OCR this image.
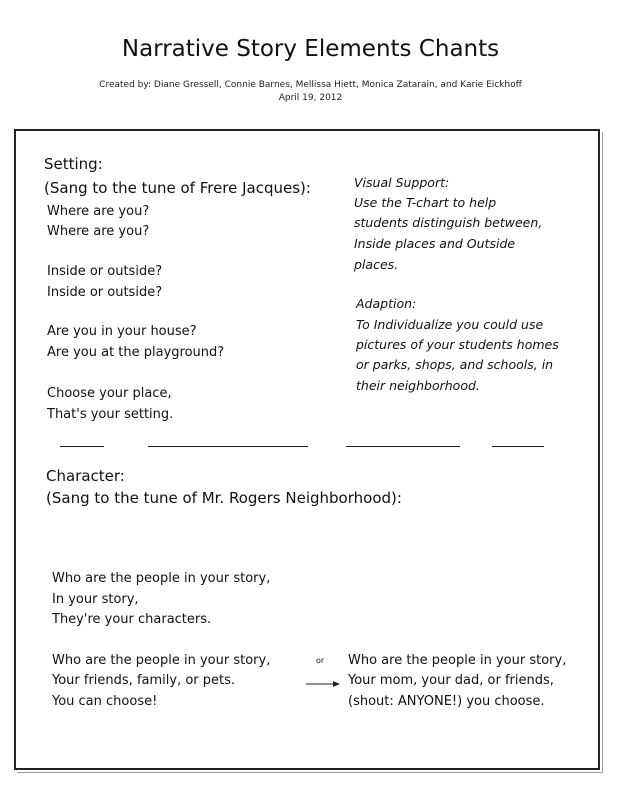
Narrative Story Elements Chants
Created by: Diane Gressell, Connie Barnes, Mellissa Hiett, Monica Zatarain, and Karie Eickhoff
April 19, 2012
Setting:
(Sang to the tune of Frere Jacques):
Where are you?
Where are you?
Inside or outside?
Inside or outside?
Are you in your house?
Are you at the playground?
Choose your place,
That's your setting.
Visual Support:
Use the T-chart to help
students distinguish between,
Inside places and Outside
places.
Adaption:
To Individualize you could use
pictures of your students homes
or parks, shops, and schools, in
their neighborhood.
Character:
(Sang to the tune of Mr. Rogers Neighborhood):
Who are the people in your story,
In your story,
They're your characters.
Who are the people in your story,
Your friends, family, or pets.
You can choose!
or Who are the people in your story,
Your mom, your dad, or friends,
(shout: ANYONE!) you choose.
